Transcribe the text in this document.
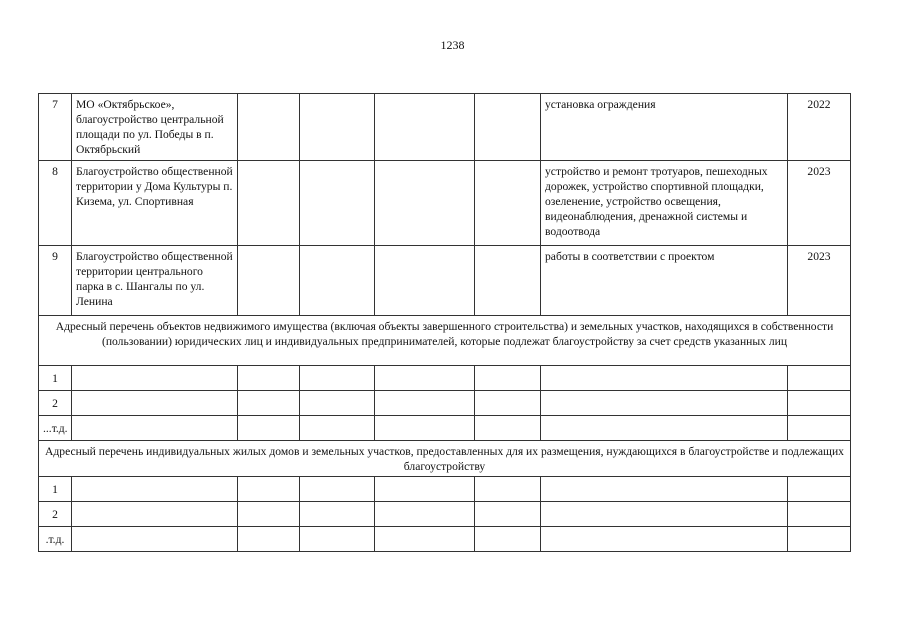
1238
7	МО «Октябрьское», благоустройство центральной площади по ул. Победы в п. Октябрьский					установка ограждения	2022
8	Благоустройство общественной территории у Дома Культуры п. Кизема, ул. Спортивная					устройство и ремонт тротуаров, пешеходных дорожек, устройство спортивной площадки, озеленение, устройство освещения, видеонаблюдения, дренажной системы и водоотвода	2023
9	Благоустройство общественной территории центрального парка в с. Шангалы по ул. Ленина					работы в соответствии с проектом	2023
Адресный перечень объектов недвижимого имущества (включая объекты завершенного строительства) и земельных участков, находящихся в собственности (пользовании) юридических лиц и индивидуальных предпринимателей, которые подлежат благоустройству за счет средств указанных лиц							
1							
2							
...т.д.							
Адресный перечень индивидуальных жилых домов и земельных участков, предоставленных для их размещения, нуждающихся в благоустройстве и подлежащих благоустройству							
1							
2							
.т.д.							
